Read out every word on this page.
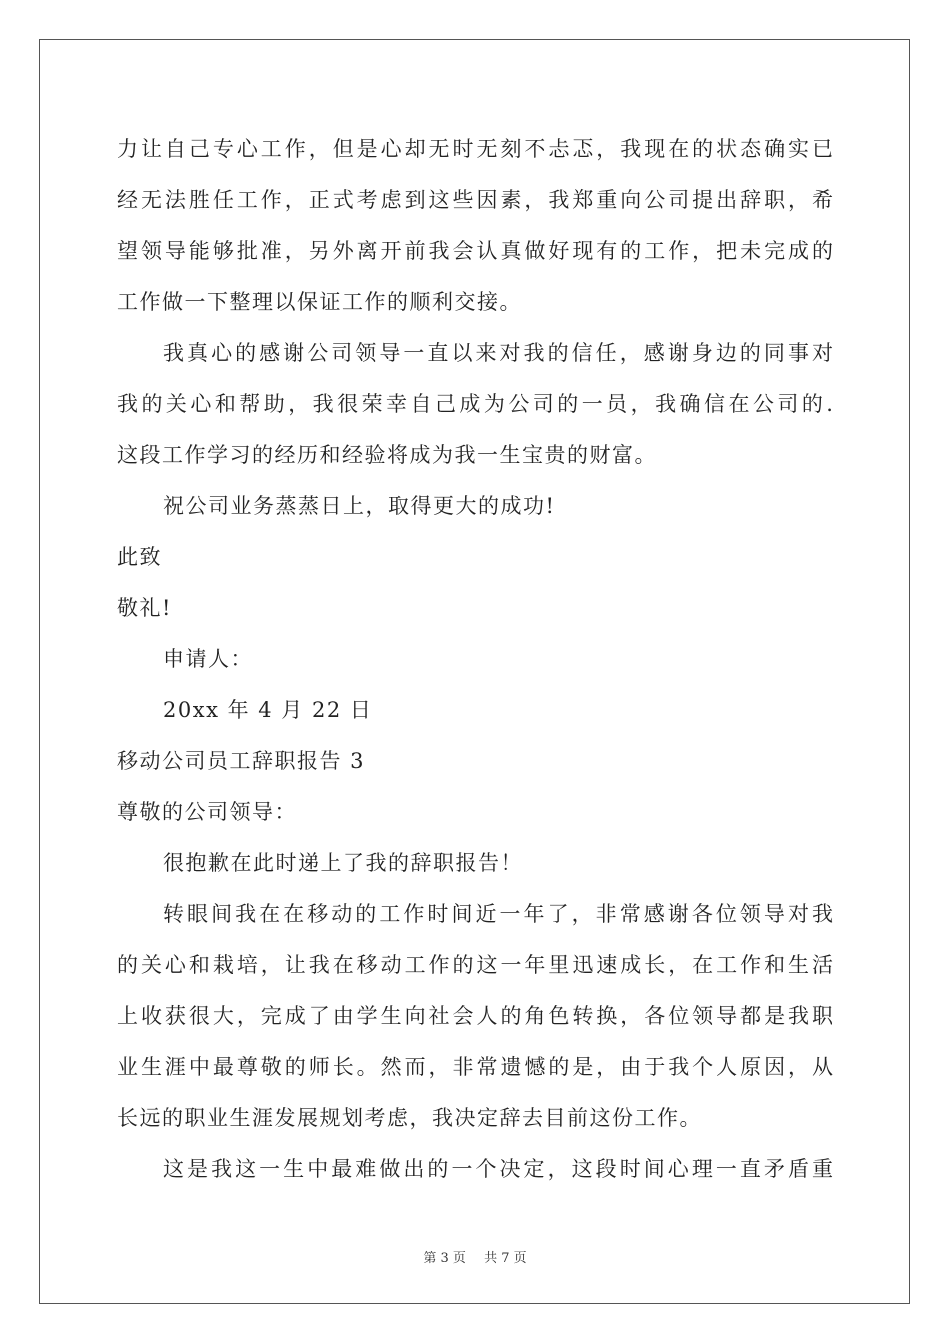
力让自己专心工作，但是心却无时无刻不忐忑，我现在的状态确实已
经无法胜任工作，正式考虑到这些因素，我郑重向公司提出辞职，希
望领导能够批准，另外离开前我会认真做好现有的工作，把未完成的
工作做一下整理以保证工作的顺利交接。
我真心的感谢公司领导一直以来对我的信任，感谢身边的同事对
我的关心和帮助，我很荣幸自己成为公司的一员，我确信在公司的.
这段工作学习的经历和经验将成为我一生宝贵的财富。
祝公司业务蒸蒸日上，取得更大的成功!
此致
敬礼!
申请人：
20xx 年 4 月 22 日
移动公司员工辞职报告 3
尊敬的公司领导：
很抱歉在此时递上了我的辞职报告！
转眼间我在在移动的工作时间近一年了，非常感谢各位领导对我
的关心和栽培，让我在移动工作的这一年里迅速成长，在工作和生活
上收获很大，完成了由学生向社会人的角色转换，各位领导都是我职
业生涯中最尊敬的师长。然而，非常遗憾的是，由于我个人原因，从
长远的职业生涯发展规划考虑，我决定辞去目前这份工作。
这是我这一生中最难做出的一个决定，这段时间心理一直矛盾重
第 3 页 共 7 页
